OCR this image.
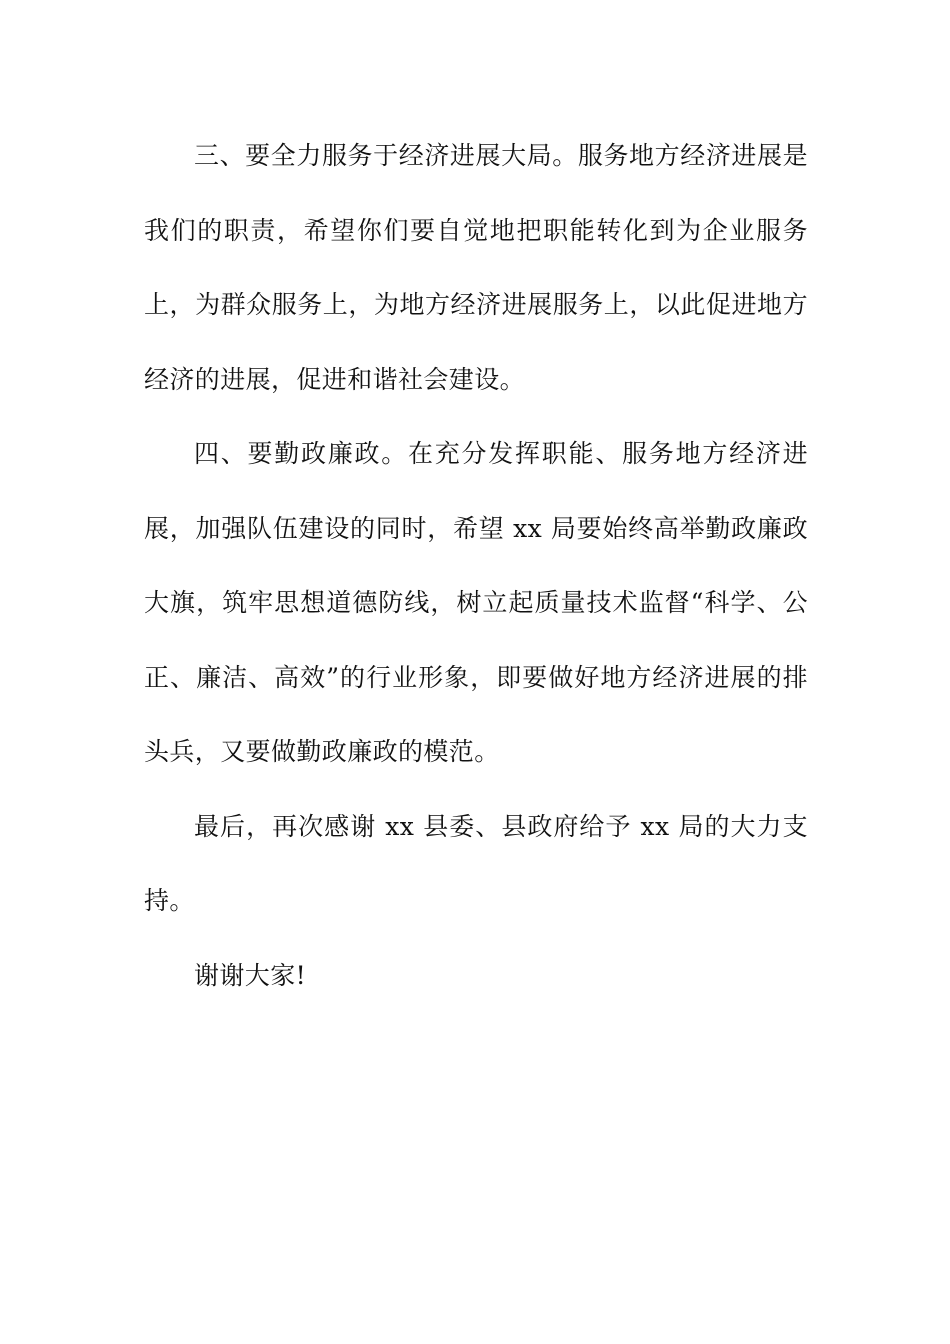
三、要全力服务于经济进展大局。服务地方经济进展是我们的职责，希望你们要自觉地把职能转化到为企业服务上，为群众服务上，为地方经济进展服务上，以此促进地方经济的进展，促进和谐社会建设。

四、要勤政廉政。在充分发挥职能、服务地方经济进展，加强队伍建设的同时，希望 xx 局要始终高举勤政廉政大旗，筑牢思想道德防线，树立起质量技术监督“科学、公正、廉洁、高效”的行业形象，即要做好地方经济进展的排头兵，又要做勤政廉政的模范。

最后，再次感谢 xx 县委、县政府给予 xx 局的大力支持。

谢谢大家!
